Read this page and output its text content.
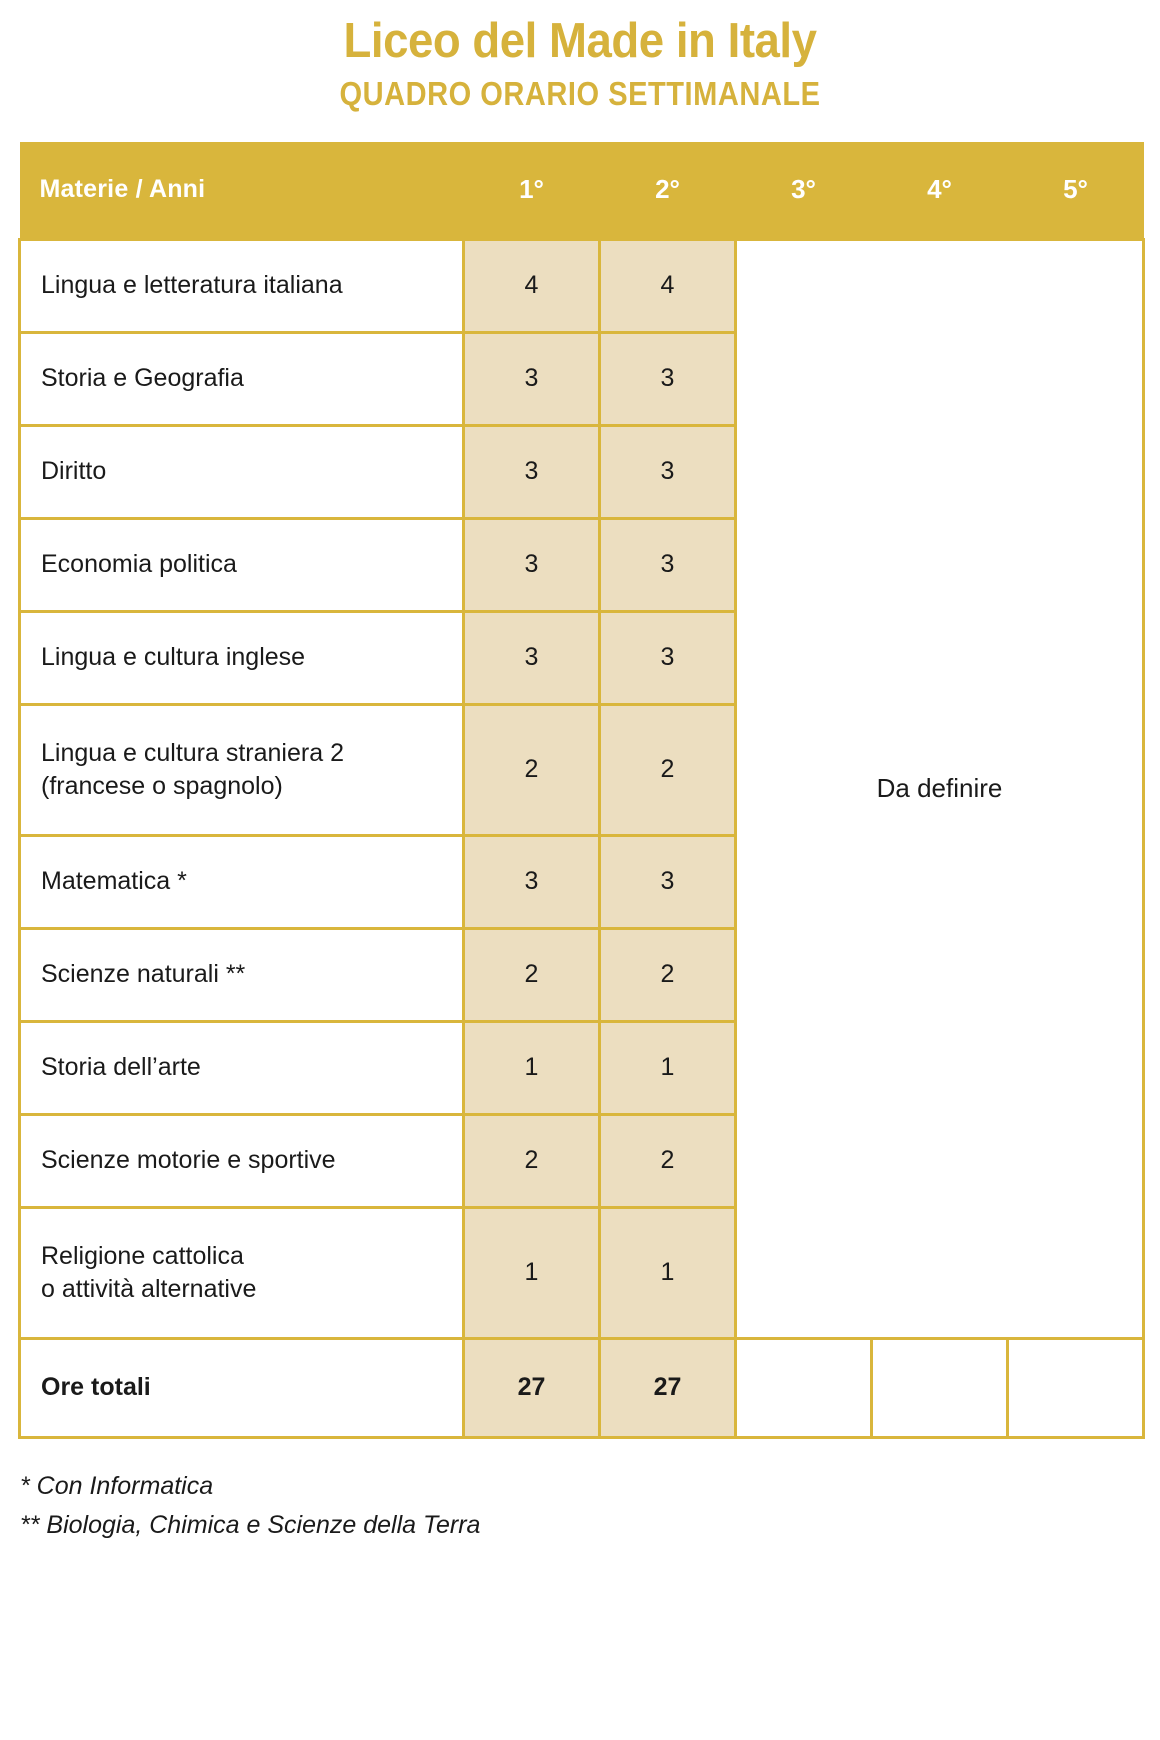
Liceo del Made in Italy
QUADRO ORARIO SETTIMANALE
Materie / Anni	1°	2°	3°	4°	5°
Lingua e letteratura italiana	4	4	Da definire		
Storia e Geografia	3	3			
Diritto	3	3			
Economia politica	3	3			
Lingua e cultura inglese	3	3			
Lingua e cultura straniera 2
(francese o spagnolo)	2	2			
Matematica *	3	3			
Scienze naturali **	2	2			
Storia dell’arte	1	1			
Scienze motorie e sportive	2	2			
Religione cattolica
o attività alternative	1	1			
Ore totali	27	27			
* Con Informatica
** Biologia, Chimica e Scienze della Terra
